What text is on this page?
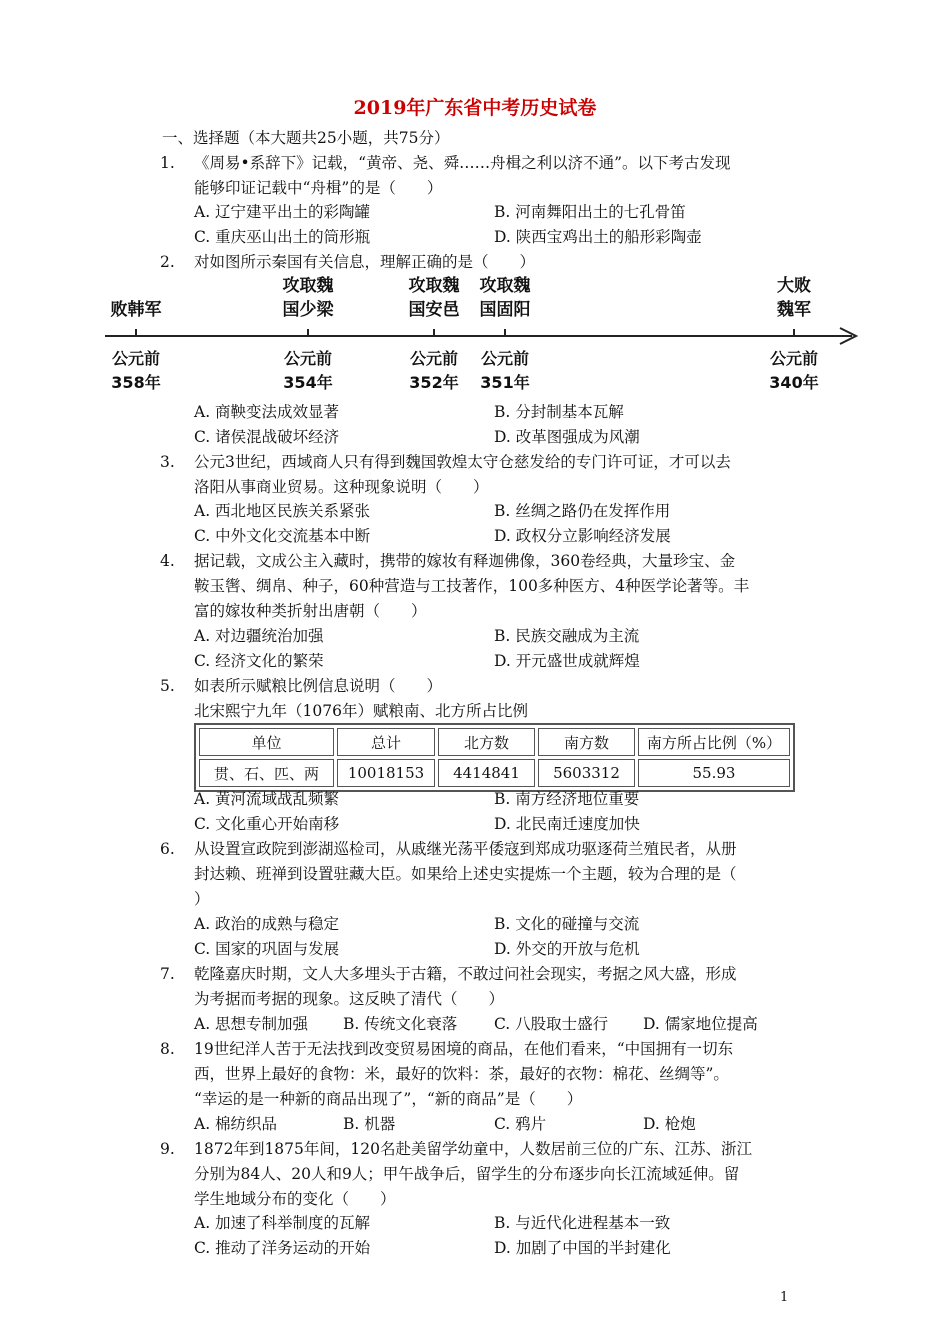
2019年广东省中考历史试卷
一、选择题（本大题共25小题，共75分）
1. 《周易•系辞下》记载，“黄帝、尧、舜……舟楫之利以济不通”。以下考古发现
能够印证记载中“舟楫”的是（　　）
A. 辽宁建平出土的彩陶罐	B. 河南舞阳出土的七孔骨笛
C. 重庆巫山出土的筒形瓶	D. 陕西宝鸡出土的船形彩陶壶
2. 对如图所示秦国有关信息，理解正确的是（　　）
败韩军
攻取魏
国少梁
攻取魏
国安邑
攻取魏
国固阳
大败
魏军
公元前
358年
公元前
354年
公元前
352年
公元前
351年
公元前
340年
A. 商鞅变法成效显著	B. 分封制基本瓦解
C. 诸侯混战破坏经济	D. 改革图强成为风潮
3. 公元3世纪，西域商人只有得到魏国敦煌太守仓慈发给的专门许可证，才可以去
洛阳从事商业贸易。这种现象说明（　　）
A. 西北地区民族关系紧张	B. 丝绸之路仍在发挥作用
C. 中外文化交流基本中断	D. 政权分立影响经济发展
4. 据记载，文成公主入藏时，携带的嫁妆有释迦佛像，360卷经典，大量珍宝、金
鞍玉辔、绸帛、种子，60种营造与工技著作，100多种医方、4种医学论著等。丰
富的嫁妆种类折射出唐朝（　　）
A. 对边疆统治加强	B. 民族交融成为主流
C. 经济文化的繁荣	D. 开元盛世成就辉煌
5. 如表所示赋粮比例信息说明（　　）
北宋熙宁九年（1076年）赋粮南、北方所占比例
单位	总计	北方数	南方数	南方所占比例（%）
贯、石、匹、两	10018153	4414841	5603312	55.93
A. 黄河流域战乱频繁	B. 南方经济地位重要
C. 文化重心开始南移	D. 北民南迁速度加快
6. 从设置宣政院到澎湖巡检司，从戚继光荡平倭寇到郑成功驱逐荷兰殖民者，从册
封达赖、班禅到设置驻藏大臣。如果给上述史实提炼一个主题，较为合理的是（
）
A. 政治的成熟与稳定	B. 文化的碰撞与交流
C. 国家的巩固与发展	D. 外交的开放与危机
7. 乾隆嘉庆时期，文人大多埋头于古籍，不敢过问社会现实，考据之风大盛，形成
为考据而考据的现象。这反映了清代（　　）
A. 思想专制加强 B. 传统文化衰落 C. 八股取士盛行 D. 儒家地位提高
8. 19世纪洋人苦于无法找到改变贸易困境的商品，在他们看来，“中国拥有一切东
西，世界上最好的食物：米，最好的饮料：茶，最好的衣物：棉花、丝绸等”。
“幸运的是一种新的商品出现了”，“新的商品”是（　　）
A. 棉纺织品	B. 机器	C. 鸦片	D. 枪炮
9. 1872年到1875年间，120名赴美留学幼童中，人数居前三位的广东、江苏、浙江
分别为84人、20人和9人；甲午战争后，留学生的分布逐步向长江流域延伸。留
学生地域分布的变化（　　）
A. 加速了科举制度的瓦解	B. 与近代化进程基本一致
C. 推动了洋务运动的开始	D. 加剧了中国的半封建化
1
